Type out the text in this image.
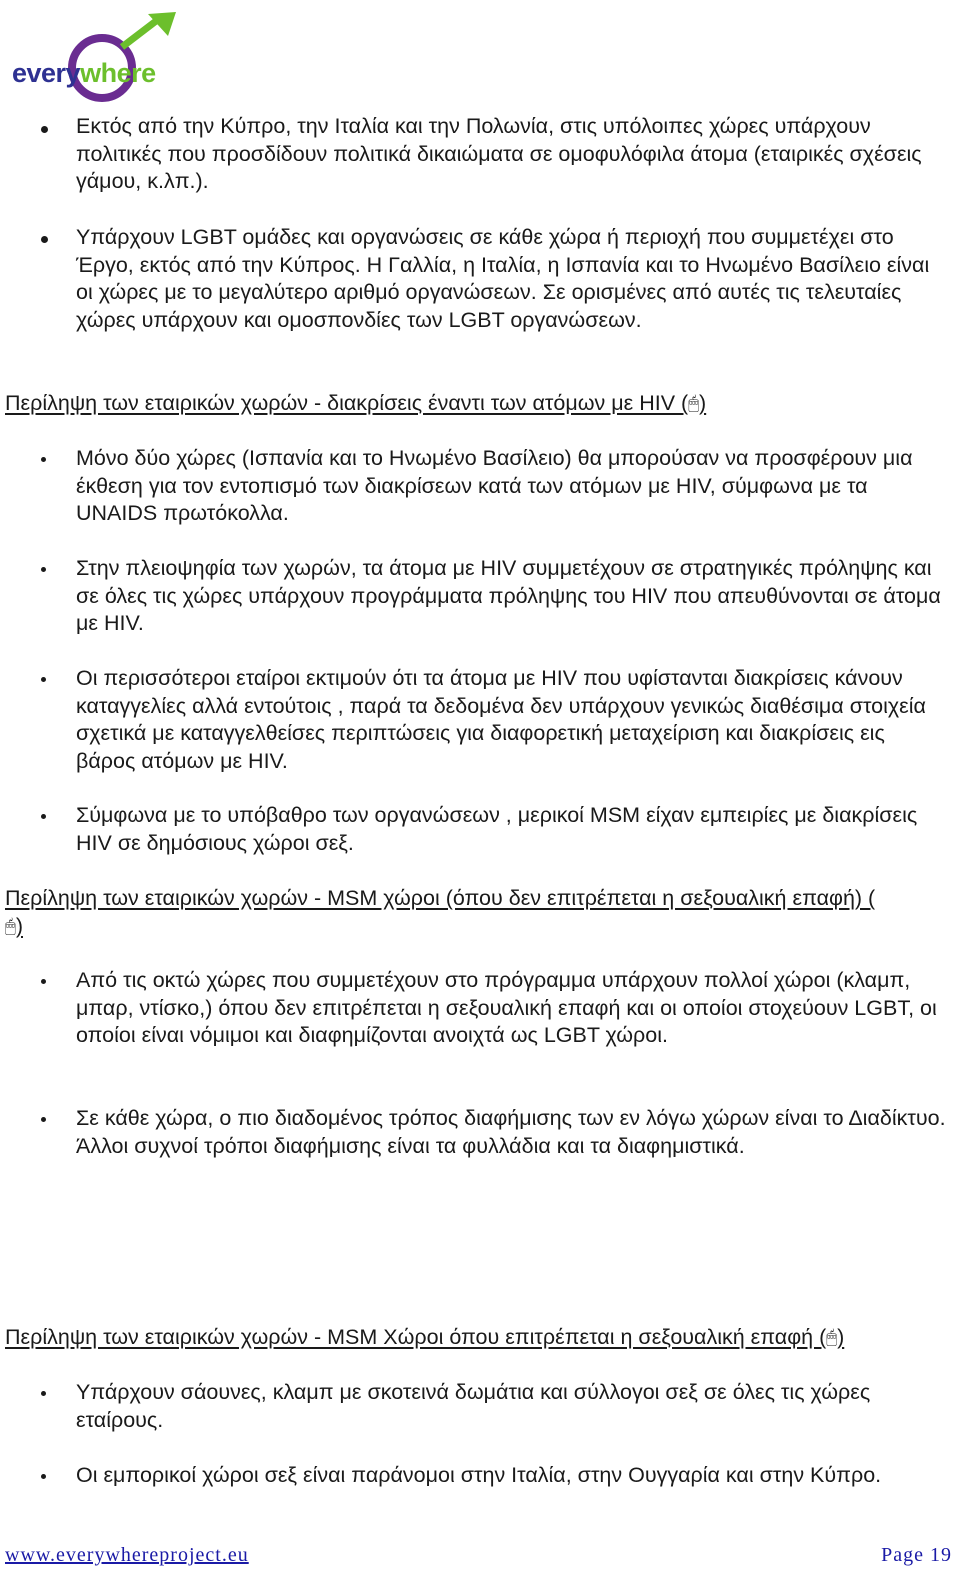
everywhere
Εκτός από την Κύπρο, την Ιταλία και την Πολωνία, στις υπόλοιπες χώρες υπάρχουν πολιτικές που προσδίδουν πολιτικά δικαιώματα σε ομοφυλόφιλα άτομα (εταιρικές σχέσεις γάμου, κ.λπ.).
Υπάρχουν LGBT ομάδες και οργανώσεις σε κάθε χώρα ή περιοχή που συμμετέχει στο Έργο, εκτός από την Κύπρος. Η Γαλλία, η Ιταλία, η Ισπανία και το Ηνωμένο Βασίλειο είναι οι χώρες με το μεγαλύτερο αριθμό οργανώσεων. Σε ορισμένες από αυτές τις τελευταίες χώρες υπάρχουν και ομοσπονδίες των LGBT οργανώσεων.
Περίληψη των εταιρικών χωρών - διακρίσεις έναντι των ατόμων με HIV (🖱)
Μόνο δύο χώρες (Ισπανία και το Ηνωμένο Βασίλειο) θα μπορούσαν να προσφέρουν μια έκθεση για τον εντοπισμό των διακρίσεων κατά των ατόμων με HIV, σύμφωνα με τα UNAIDS πρωτόκολλα.
Στην πλειοψηφία των χωρών, τα άτομα με HIV συμμετέχουν σε στρατηγικές πρόληψης και σε όλες τις χώρες υπάρχουν προγράμματα πρόληψης του HIV που απευθύνονται σε άτομα με HIV.
Οι περισσότεροι εταίροι εκτιμούν ότι τα άτομα με HIV που υφίστανται διακρίσεις κάνουν καταγγελίες αλλά εντούτοις , παρά τα δεδομένα δεν υπάρχουν γενικώς διαθέσιμα στοιχεία σχετικά με καταγγελθείσες περιπτώσεις για διαφορετική μεταχείριση και διακρίσεις εις βάρος ατόμων με HIV.
Σύμφωνα με το υπόβαθρο των οργανώσεων , μερικοί MSM είχαν εμπειρίες με διακρίσεις HIV σε δημόσιους χώροι σεξ.
Περίληψη των εταιρικών χωρών - MSM χώροι (όπου δεν επιτρέπεται η σεξουαλική επαφή) (🖱)
Από τις οκτώ χώρες που συμμετέχουν στο πρόγραμμα υπάρχουν πολλοί χώροι (κλαμπ, μπαρ, ντίσκο,) όπου δεν επιτρέπεται η σεξουαλική επαφή και οι οποίοι στοχεύουν LGBT, οι οποίοι είναι νόμιμοι και διαφημίζονται ανοιχτά ως LGBT χώροι.
Σε κάθε χώρα, ο πιο διαδομένος τρόπος διαφήμισης των εν λόγω χώρων είναι το Διαδίκτυο. Άλλοι συχνοί τρόποι διαφήμισης είναι τα φυλλάδια και τα διαφημιστικά.
Περίληψη των εταιρικών χωρών - MSM Χώροι όπου επιτρέπεται η σεξουαλική επαφή (🖱)
Υπάρχουν σάουνες, κλαμπ με σκοτεινά δωμάτια και σύλλογοι σεξ σε όλες τις χώρες εταίρους.
Οι εμπορικοί χώροι σεξ είναι παράνομοι στην Ιταλία, στην Ουγγαρία και στην Κύπρο.
www.everywhereproject.eu	Page 19
